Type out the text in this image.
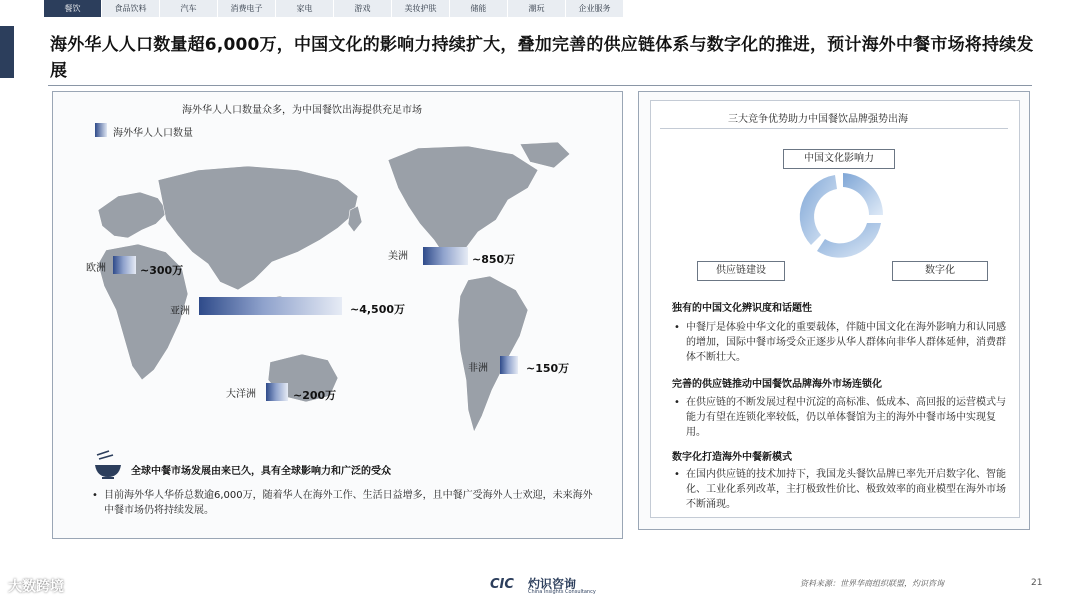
餐饮	食品饮料	汽车	消费电子	家电	游戏	美妆护肤	储能	潮玩	企业服务
海外华人人口数量超6,000万，中国文化的影响力持续扩大，叠加完善的供应链体系与数字化的推进，预计海外中餐市场将持续发展
海外华人人口数量众多，为中国餐饮出海提供充足市场
海外华人人口数量
欧洲	~300万
美洲	~850万
亚洲	~4,500万
非洲	~150万
大洋洲	~200万
全球中餐市场发展由来已久，具有全球影响力和广泛的受众
• 目前海外华人华侨总数逾6,000万，随着华人在海外工作、生活日益增多，且中餐广受海外人士欢迎，未来海外中餐市场仍将持续发展。
三大竞争优势助力中国餐饮品牌强势出海
中国文化影响力
供应链建设	数字化
独有的中国文化辨识度和话题性
• 中餐厅是体验中华文化的重要载体，伴随中国文化在海外影响力和认同感的增加，国际中餐市场受众正逐步从华人群体向非华人群体延伸，消费群体不断壮大。
完善的供应链推动中国餐饮品牌海外市场连锁化
• 在供应链的不断发展过程中沉淀的高标准、低成本、高回报的运营模式与能力有望在连锁化率较低，仍以单体餐馆为主的海外中餐市场中实现复用。
数字化打造海外中餐新模式
• 在国内供应链的技术加持下，我国龙头餐饮品牌已率先开启数字化、智能化、工业化系列改革，主打极致性价比、极致效率的商业模型在海外市场不断涌现。
大数跨境	CIC 灼识咨询
China Insights Consultancy
资料来源：世界华商组织联盟，灼识咨询	21
